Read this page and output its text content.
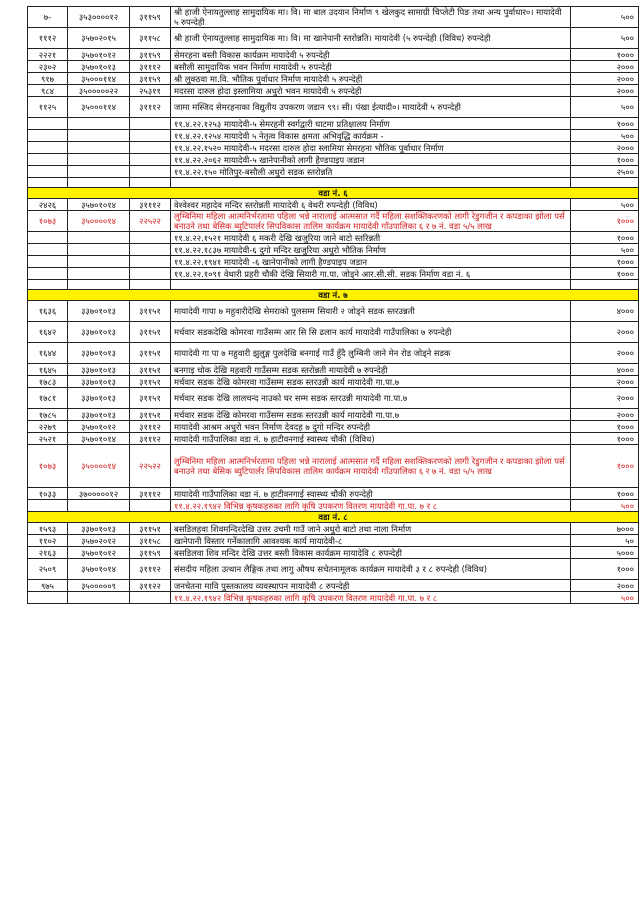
७-	३५३००००१२	३११५९	श्री हाजी ऐनायतुल्लाह सामुदायिक मा। वि। मा बाल उदयान निर्माण ९ खेलकुद सामाग्री चिप्लेटी पिङ तथा अन्य पुर्वाधार०। मायादेवी ५ रुपन्देही	५००
१११२	३५७०२०१५	३११५८	श्री हाजी ऐनायतुल्लाह सामुदायिक मा। वि। मा खानेपानी स्तरोन्नति। मायादेवी (५ रुपन्देही (विविध) रुपन्देही	५००
२२२१	३५७०१०१२	३११५९	सेमरहना बस्ती विकास कार्यक्रम मायादेवी ५ रुपन्देही	१०००
२३०२	३५७०१०१३	३१११२	बसौली सामुदायिक भवन निर्माण मायादेवी ५ रुपन्देही	२०००
९१७	३५०००११४	३११५९	श्री लुक्ठवा मा.वि. भौतिक पुर्वाधार निर्माण मायादेवी ५ रुपन्देही	२०००
९८४	३५०००००२२	२५३११	मदरसा दारुल होदा इस्लामिया अधुरो भवन मायादेवी ५ रुपन्देही	२०००
११२५	३५०००११४	३१११२	जामा मस्जिद सेमरहनाका विद्युतीय उपकरण जडान ९९। सी। पंखा ईत्यादी०। मायादेवी ५ रुपन्देही	५००
			११.४.२२.१२५३ मायादेवी-५ सेमरहनी स्वर्गद्वारी घाटमा प्रतिक्षालय निर्माण	१०००
			११.४.२२.१२५४ मायादेवी ५ नेतृत्व विकास क्षमता अभिवृद्धि कार्यक्रम -	५००
			११.४.२२.१५२० मायादेवी-५ मदरसा दारुल होदा स्लामिया सेमरहना भौतिक पुर्वाधार निर्माण	२०००
			११.४.२२.२०६२ मायादेवी-५ खानेपानीको लागी हैण्डपाइप जडान	१०००
			११.४.२२.१५० मोतिपुर-बसौली अधुरो सडक स्तरोन्नति	२५००

वडा नं. ६				
२४२६	३५७०१०१४	३१११२	वेश्वेश्वर महादेव मन्दिर स्तरोन्नती मायादेवी ६ वेथरी रुपन्देही (विविध)	५००
१०७३	३५००००१४	२२५२२	लुम्बिनिमा महिला आत्मनिर्भरतामा पहिला भन्ने नारालाई आत्मसात गर्दै महिला सशक्तिकरणको लागी रेडुगजीन र कपडाका झोला पर्स बनाउने तथा बेसिक ब्युटिपार्लर सिपविकास तालिम कार्यक्रम मायादेवी गाँउपालिका ६ र ७ नं. वडा ५/५ लाख	१०००
			११.४.२२.१५२१ मायादेवी ६ मकरी देखि खजुरिया जाने बाटो स्तरिन्नती	१०००
			११.४.२२.१८३७ मायादेवी-६ दुगो मन्दिर खजुरिया अधुरो भौतिक निर्माण	५००
			११.४.२२.१९४१ मायादेवी -६ खानेपानीको लागी हैण्डपाइप जडान	१०००
			११.४.२२.१०९१ वेथारी प्रहरी चौकी देखि सियारी गा.पा. जोड्ने आर.सी.सी. सडक निर्माण वडा नं. ६	१०००

वडा नं. ७				
१६३६	३३७०१०१३	३११५१	मायादेवी गापा ७ महुवारीदेखि सेमराको पुलसम्म सियारी २ जोड्ने सडक स्तरउन्नती	४०००
१६४२	३३७०१०१३	३११५१	मर्चवार सडकदेखि कोमरवा गाउँसम्म आर सि सि ढलान कार्य मायादेवी गाउँपालिका ७ रुपन्देही	२०००
१६४४	३३७०१०१३	३११५१	मायादेवी गा पा ७ महुवारी झुलुङ्ग पुलदेखि बनगाई गाउँ हुँदै लुम्बिनी जाने मेन रोड जोड्ने सडक	२०००
१६४५	३३७०१०१३	३११५१	बनगाइ चोक देखि महवारी गाउँसम्म सडक स्तरोन्नती मायादेवी ७ रुपन्देही	४०००
१७८३	३३७०१०१३	३११५१	मर्चवार सडक देखि कोमरवा गाउँसम्म सडक स्तरउन्नी कार्य मायादेवी गा.पा.७	२०००
१७८१	३३७०१०१३	३११५१	मर्चवार सडक देखि लालचन्द नाउको घर सम्म सडक स्तरउन्नी मायादेवी गा.पा.७	२०००
१७८५	३३७०१०१३	३११५१	मर्चवार सडक देखि कोमरवा गाउँसम्म सडक स्तरउन्नी कार्य मायादेवी गा.पा.७	२०००
२२७९	३५७०१०१२	३१११२	मायादेवी आश्रम अधुरो भवन निर्माण देवदह ७ दुगो मन्दिर रुपन्देही	१०००
२५२१	३५७०१०१४	३१११२	मायादेवी गाउँपालिका वडा नं. ७ हाटीवनगाई स्वास्थ्य चौकी (विविध)	१०००
१०७३	३५००००१४	२२५२२	लुम्बिनिमा महिला आत्मनिर्भरतामा पहिला भन्ने नारालाई आत्मसात गर्दै महिला सशक्तिकरणको लागी रेडुगजीन र कपडाका झोला पर्स बनाउने तथा बेसिक ब्युटिपार्लर सिपविकास तालिम कार्यक्रम मायादेवी गाँउपालिका ६ र ७ नं. वडा ५/५ लाख	१०००
१०३३	३७०००००१२	३१११२	मायादेवी गाउँपालिका वडा नं. ७ हाटीवनगाई स्वास्थ्य चौकी रुपन्देही	१०००
			११.४.२२.१९४२ विभिन्न कृषकहरुका लागि कृषि उपकरण वितरण मायादेवी गा.पा. ७ र ८	५००
वडा नं. ८				
१५९३	३३७०१०१३	३११५१	बसडिलहवा शिवमन्दिरदेखि उत्तर उचमी गाउँ जाने अधुरो बाटो तथा नाला निर्माण	७०००
११०२	३५७०२०१२	३११५८	खानेपानी विस्तार गर्नेकालागि आवश्यक कार्य मायादेवी-८	५०
२१६३	३५७०१०१२	३११५९	बसडिलवा शिव मन्दिर देखि उत्तर बस्ती विकास कार्यक्रम मायादेवि ८ रुपन्देही	५०००
२५०९	३५७०१०१४	३१११२	संसदीय महिला उत्थान लैङ्गिक तथा लागु औषध सचेतनामूलक कार्यक्रम मायादेवी ३ र ८ रुपन्देही (विविध)	१०००
९७५	३५०००००९	३११२२	जनचेतना मावि पुस्तकालय व्यवस्थापन मायादेवी ८ रुपन्देही	२०००
			११.४.२२.१९४२ विभिन्न कृषकहरुका लागि कृषि उपकरण वितरण मायादेवी गा.पा. ७ र ८	५००
